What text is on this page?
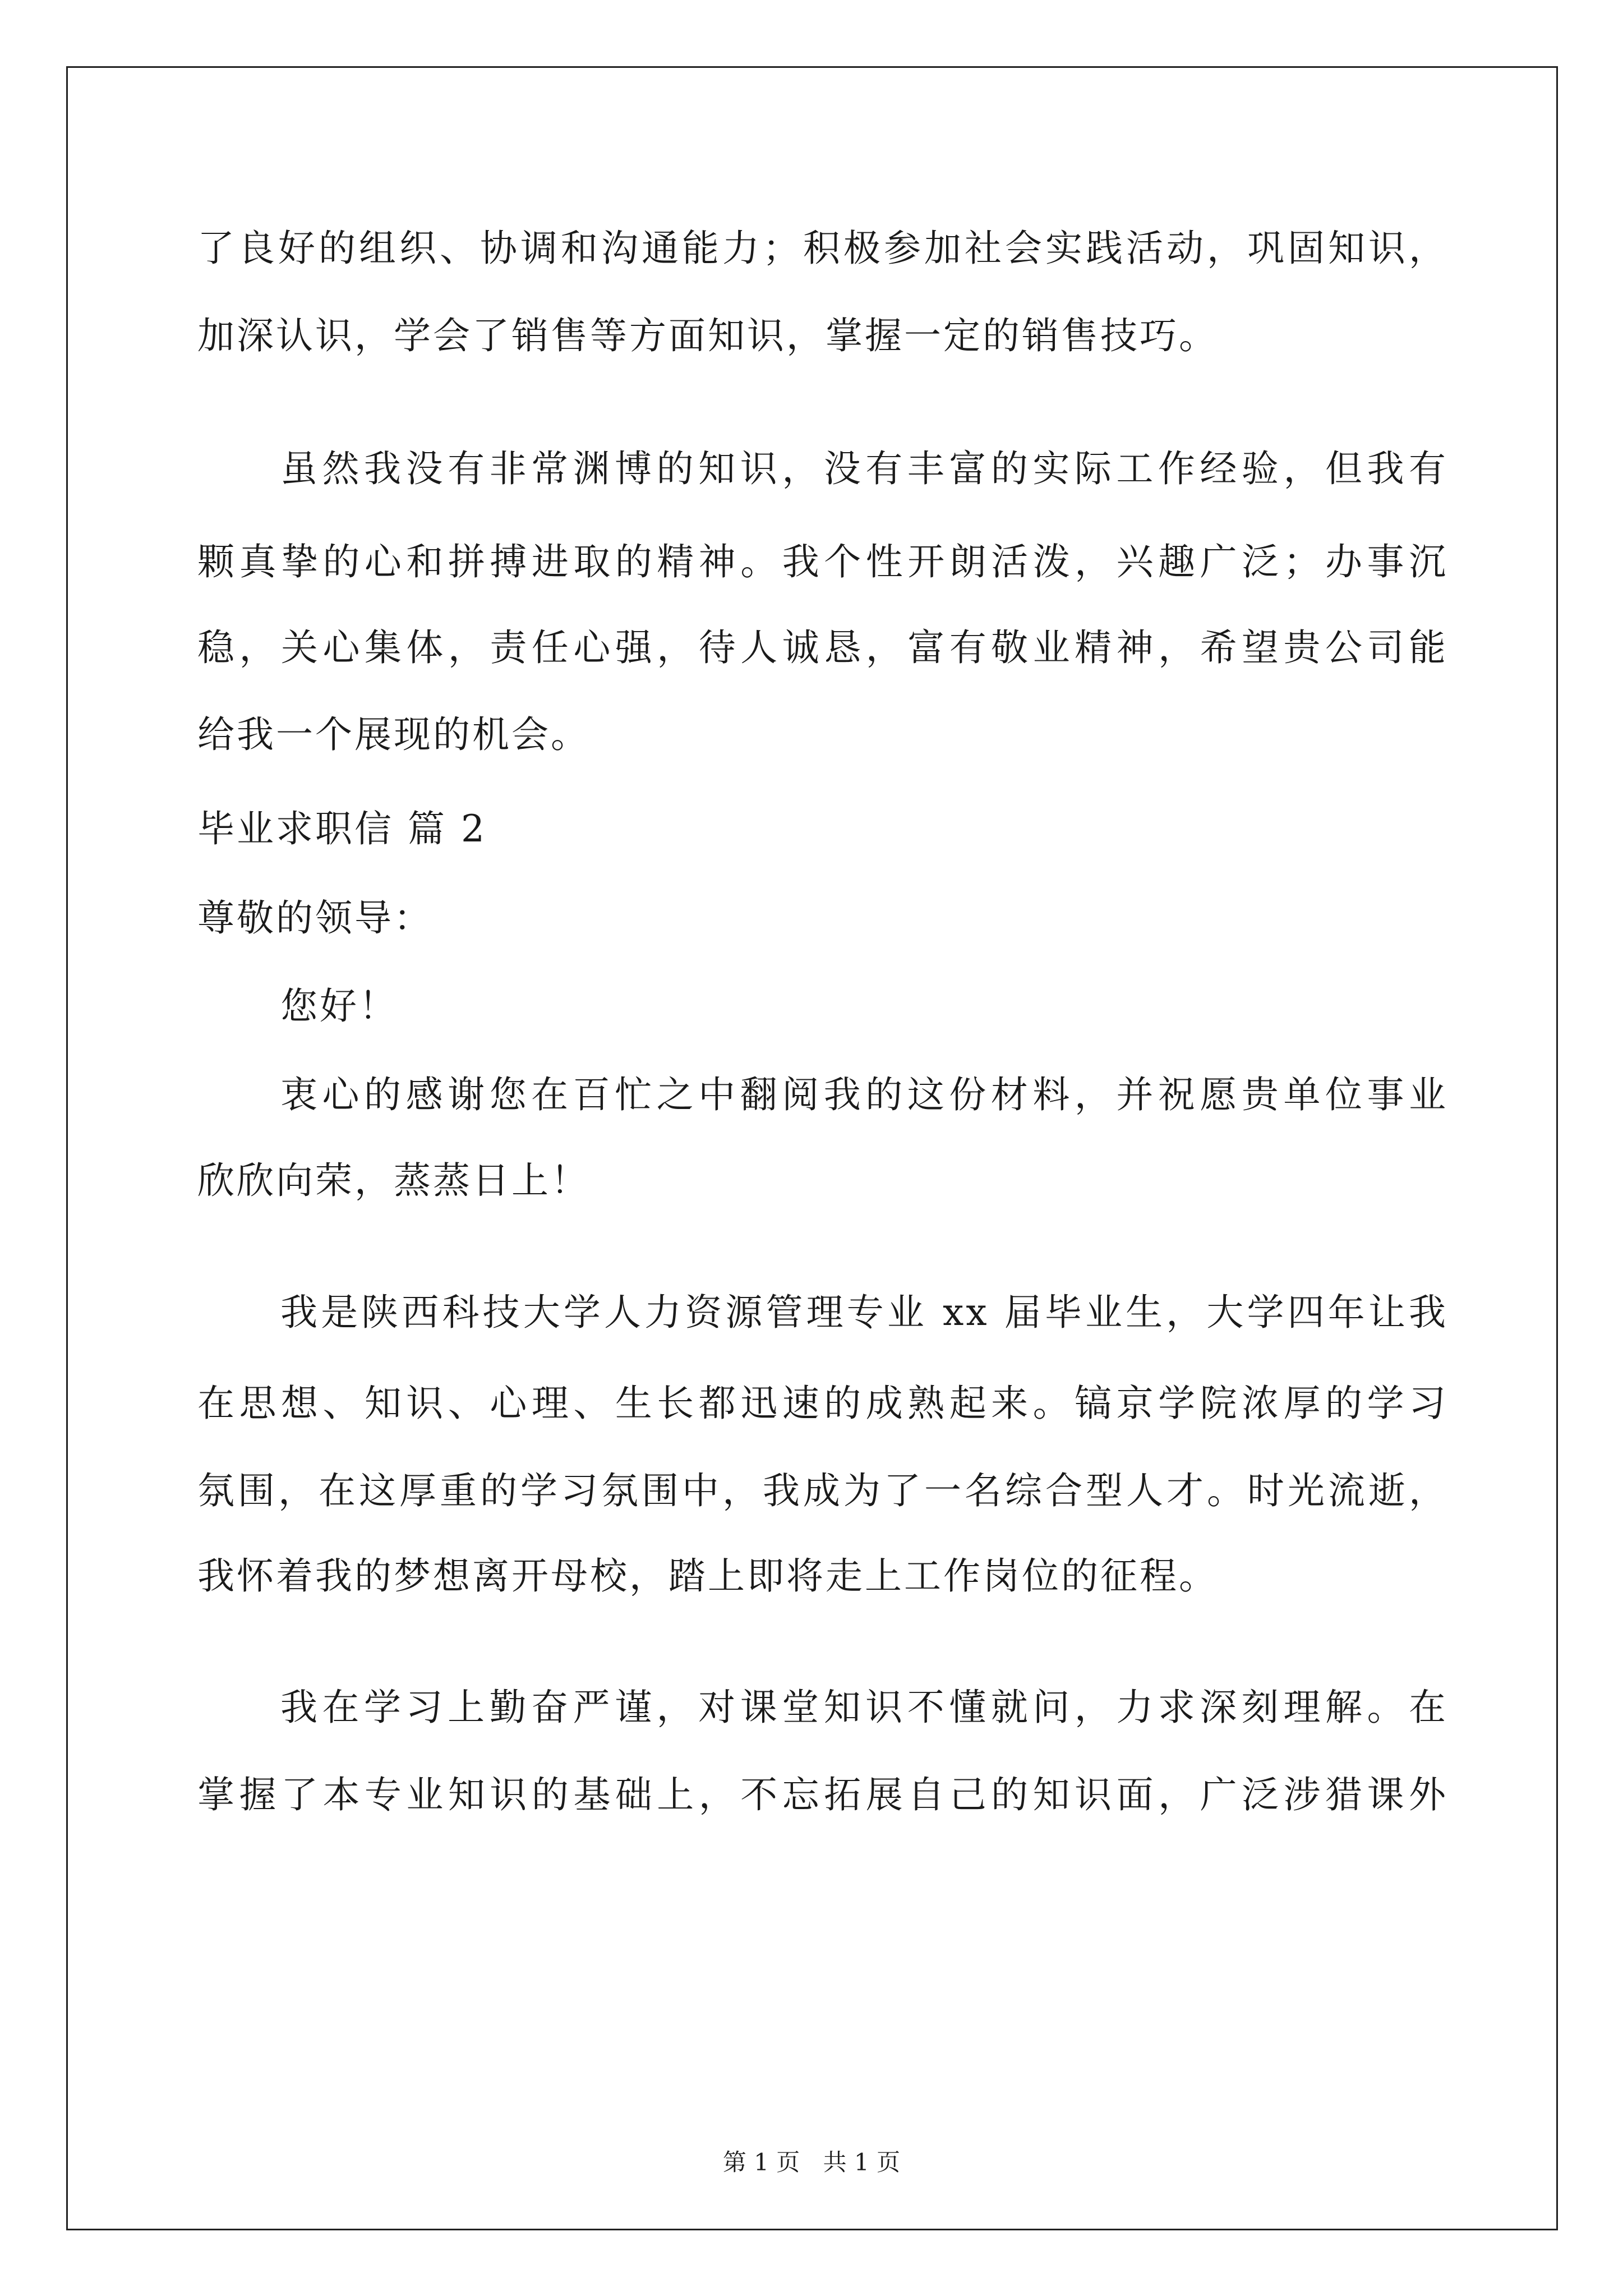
了良好的组织、协调和沟通能力；积极参加社会实践活动，巩固知识，
加深认识，学会了销售等方面知识，掌握一定的销售技巧。
虽然我没有非常渊博的知识，没有丰富的实际工作经验，但我有
颗真挚的心和拼搏进取的精神。我个性开朗活泼，兴趣广泛；办事沉
稳，关心集体，责任心强，待人诚恳，富有敬业精神，希望贵公司能
给我一个展现的机会。
毕业求职信 篇 2
尊敬的领导：
您好！
衷心的感谢您在百忙之中翻阅我的这份材料，并祝愿贵单位事业
欣欣向荣，蒸蒸日上！
我是陕西科技大学人力资源管理专业 xx 届毕业生，大学四年让我
在思想、知识、心理、生长都迅速的成熟起来。镐京学院浓厚的学习
氛围，在这厚重的学习氛围中，我成为了一名综合型人才。时光流逝，
我怀着我的梦想离开母校，踏上即将走上工作岗位的征程。
我在学习上勤奋严谨，对课堂知识不懂就问，力求深刻理解。在
掌握了本专业知识的基础上，不忘拓展自己的知识面，广泛涉猎课外
第 1 页 共 1 页
